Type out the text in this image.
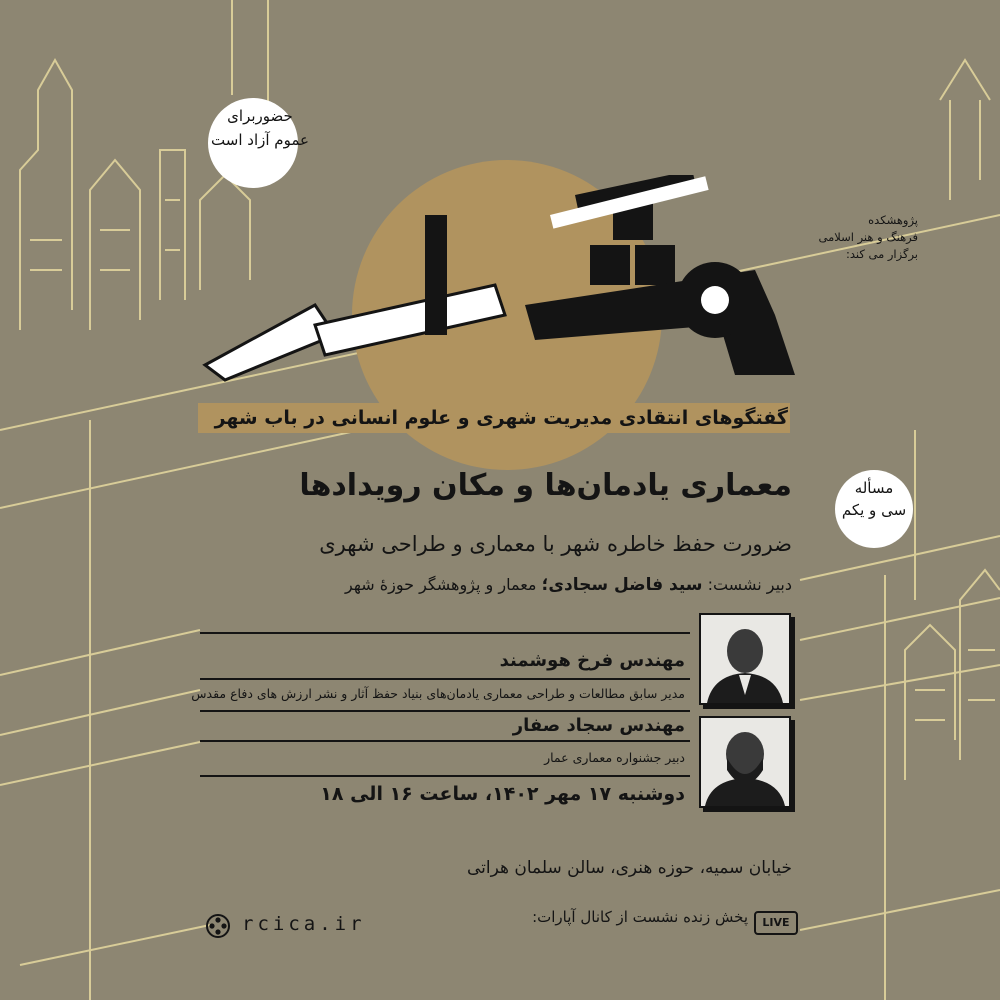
حضوربرای
عموم آزاد است
مسأله
سی و یکم
پژوهشکده
فرهنگ و هنر اسلامی
برگزار می کند:
گفتگوهای انتقادی مدیریت شهری و علوم انسانی در باب شهر
معماری یادمان‌ها و مکان رویدادها
ضرورت حفظ خاطره شهر با معماری و طراحی شهری
دبیر نشست: سید فاضل سجادی؛ معمار و پژوهشگر حوزهٔ شهر
مهندس فرخ هوشمند
مدیر سابق مطالعات و طراحی معماری یادمان‌های بنیاد حفظ آثار و نشر ارزش های دفاع مقدس
مهندس سجاد صفار
دبیر جشنواره معماری عمار
دوشنبه ۱۷ مهر ۱۴۰۲، ساعت ۱۶ الی ۱۸
خیابان سمیه، حوزه هنری، سالن سلمان هراتی
LIVE
پخش زنده نشست از کانال آپارات:
rcica.ir
